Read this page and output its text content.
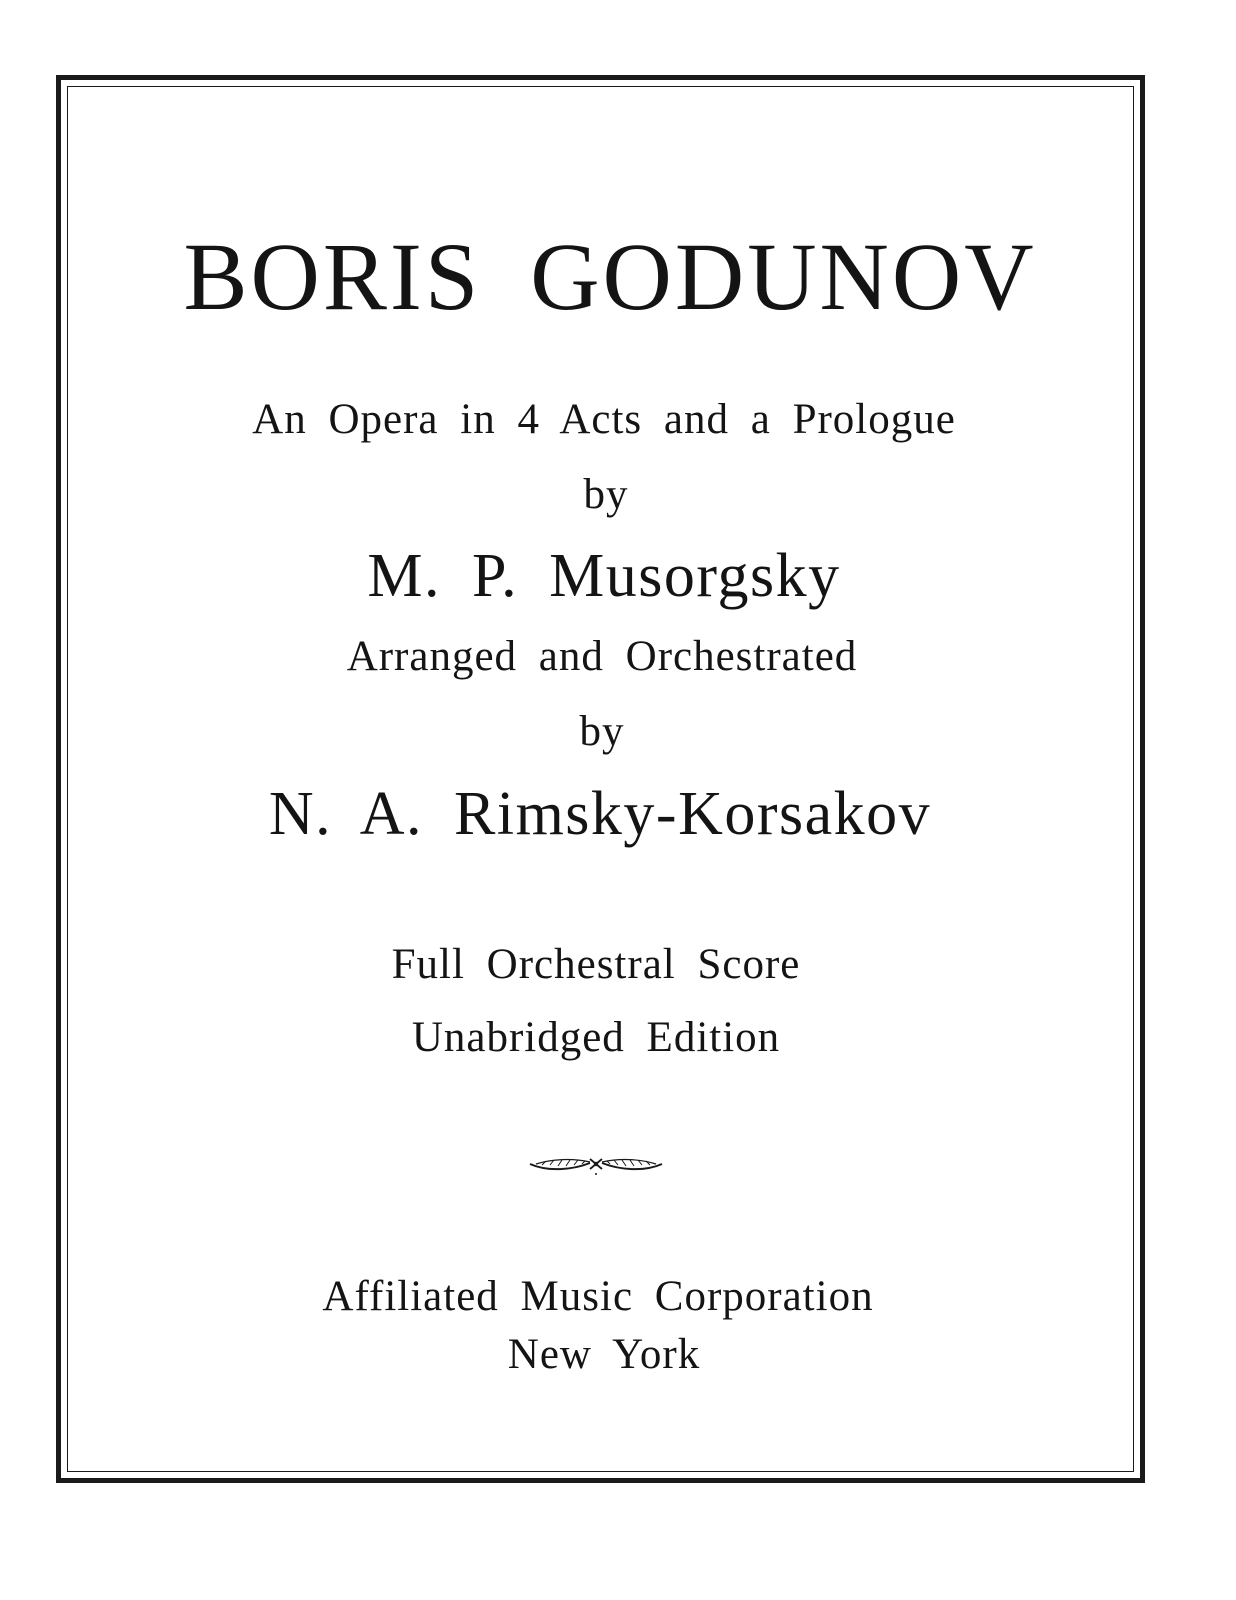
BORIS GODUNOV
An Opera in 4 Acts and a Prologue
by
M. P. Musorgsky
Arranged and Orchestrated
by
N. A. Rimsky-Korsakov
Full Orchestral Score
Unabridged Edition
Affiliated Music Corporation
New York
